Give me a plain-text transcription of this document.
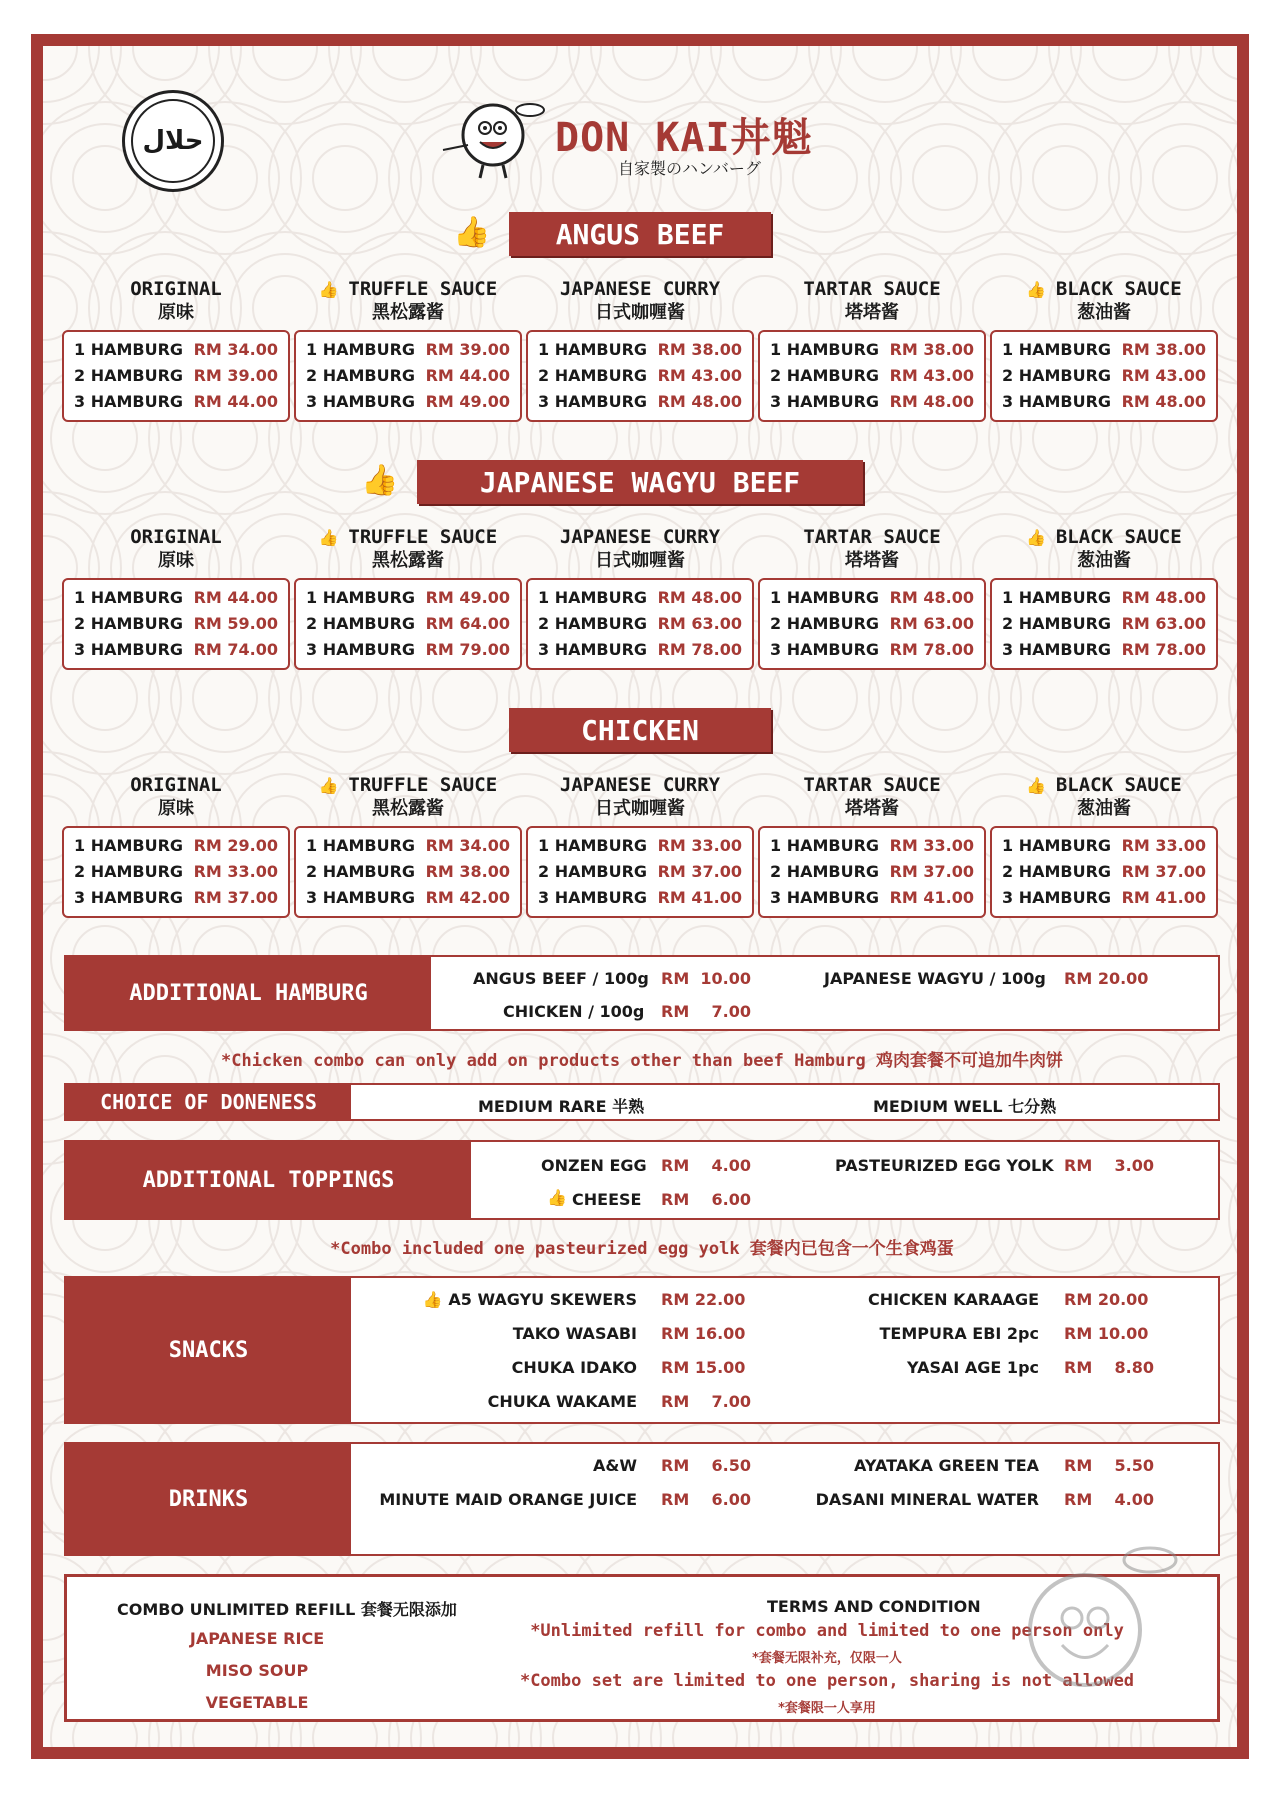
حلال	DON KAI丼魁
自家製のハンバーグ
👍	ANGUS BEEF
ORIGINAL
原味
1 HAMBURG RM 34.00
2 HAMBURG RM 39.00
3 HAMBURG RM 44.00
👍 TRUFFLE SAUCE
黑松露酱
1 HAMBURG RM 39.00
2 HAMBURG RM 44.00
3 HAMBURG RM 49.00
JAPANESE CURRY
日式咖喱酱
1 HAMBURG RM 38.00
2 HAMBURG RM 43.00
3 HAMBURG RM 48.00
TARTAR SAUCE
塔塔酱
1 HAMBURG RM 38.00
2 HAMBURG RM 43.00
3 HAMBURG RM 48.00
👍 BLACK SAUCE
葱油酱
1 HAMBURG RM 38.00
2 HAMBURG RM 43.00
3 HAMBURG RM 48.00
👍	JAPANESE WAGYU BEEF
ORIGINAL
原味
1 HAMBURG RM 44.00
2 HAMBURG RM 59.00
3 HAMBURG RM 74.00
👍 TRUFFLE SAUCE
黑松露酱
1 HAMBURG RM 49.00
2 HAMBURG RM 64.00
3 HAMBURG RM 79.00
JAPANESE CURRY
日式咖喱酱
1 HAMBURG RM 48.00
2 HAMBURG RM 63.00
3 HAMBURG RM 78.00
TARTAR SAUCE
塔塔酱
1 HAMBURG RM 48.00
2 HAMBURG RM 63.00
3 HAMBURG RM 78.00
👍 BLACK SAUCE
葱油酱
1 HAMBURG RM 48.00
2 HAMBURG RM 63.00
3 HAMBURG RM 78.00
CHICKEN
ORIGINAL
原味
1 HAMBURG RM 29.00
2 HAMBURG RM 33.00
3 HAMBURG RM 37.00
👍 TRUFFLE SAUCE
黑松露酱
1 HAMBURG RM 34.00
2 HAMBURG RM 38.00
3 HAMBURG RM 42.00
JAPANESE CURRY
日式咖喱酱
1 HAMBURG RM 33.00
2 HAMBURG RM 37.00
3 HAMBURG RM 41.00
TARTAR SAUCE
塔塔酱
1 HAMBURG RM 33.00
2 HAMBURG RM 37.00
3 HAMBURG RM 41.00
👍 BLACK SAUCE
葱油酱
1 HAMBURG RM 33.00
2 HAMBURG RM 37.00
3 HAMBURG RM 41.00
ADDITIONAL HAMBURG
ANGUS BEEF / 100g RM  10.00
CHICKEN / 100g RM    7.00
JAPANESE WAGYU / 100g RM 20.00
*Chicken combo can only add on products other than beef Hamburg 鸡肉套餐不可追加牛肉饼
CHOICE OF DONENESS	MEDIUM RARE 半熟	MEDIUM WELL 七分熟
ADDITIONAL TOPPINGS
ONZEN EGG RM    4.00
👍 CHEESE RM    6.00
PASTEURIZED EGG YOLK RM    3.00
*Combo included one pasteurized egg yolk 套餐内已包含一个生食鸡蛋
SNACKS
👍 A5 WAGYU SKEWERS RM 22.00
TAKO WASABI RM 16.00
CHUKA IDAKO RM 15.00
CHUKA WAKAME RM    7.00
CHICKEN KARAAGE RM 20.00
TEMPURA EBI 2pc RM 10.00
YASAI AGE 1pc RM    8.80
DRINKS
A&W RM    6.50
MINUTE MAID ORANGE JUICE RM    6.00
AYATAKA GREEN TEA RM    5.50
DASANI MINERAL WATER RM    4.00
COMBO UNLIMITED REFILL 套餐无限添加
JAPANESE RICE
MISO SOUP
VEGETABLE
TERMS AND CONDITION
*Unlimited refill for combo and limited to one person only
*套餐无限补充，仅限一人
*Combo set are limited to one person, sharing is not allowed
*套餐限一人享用
